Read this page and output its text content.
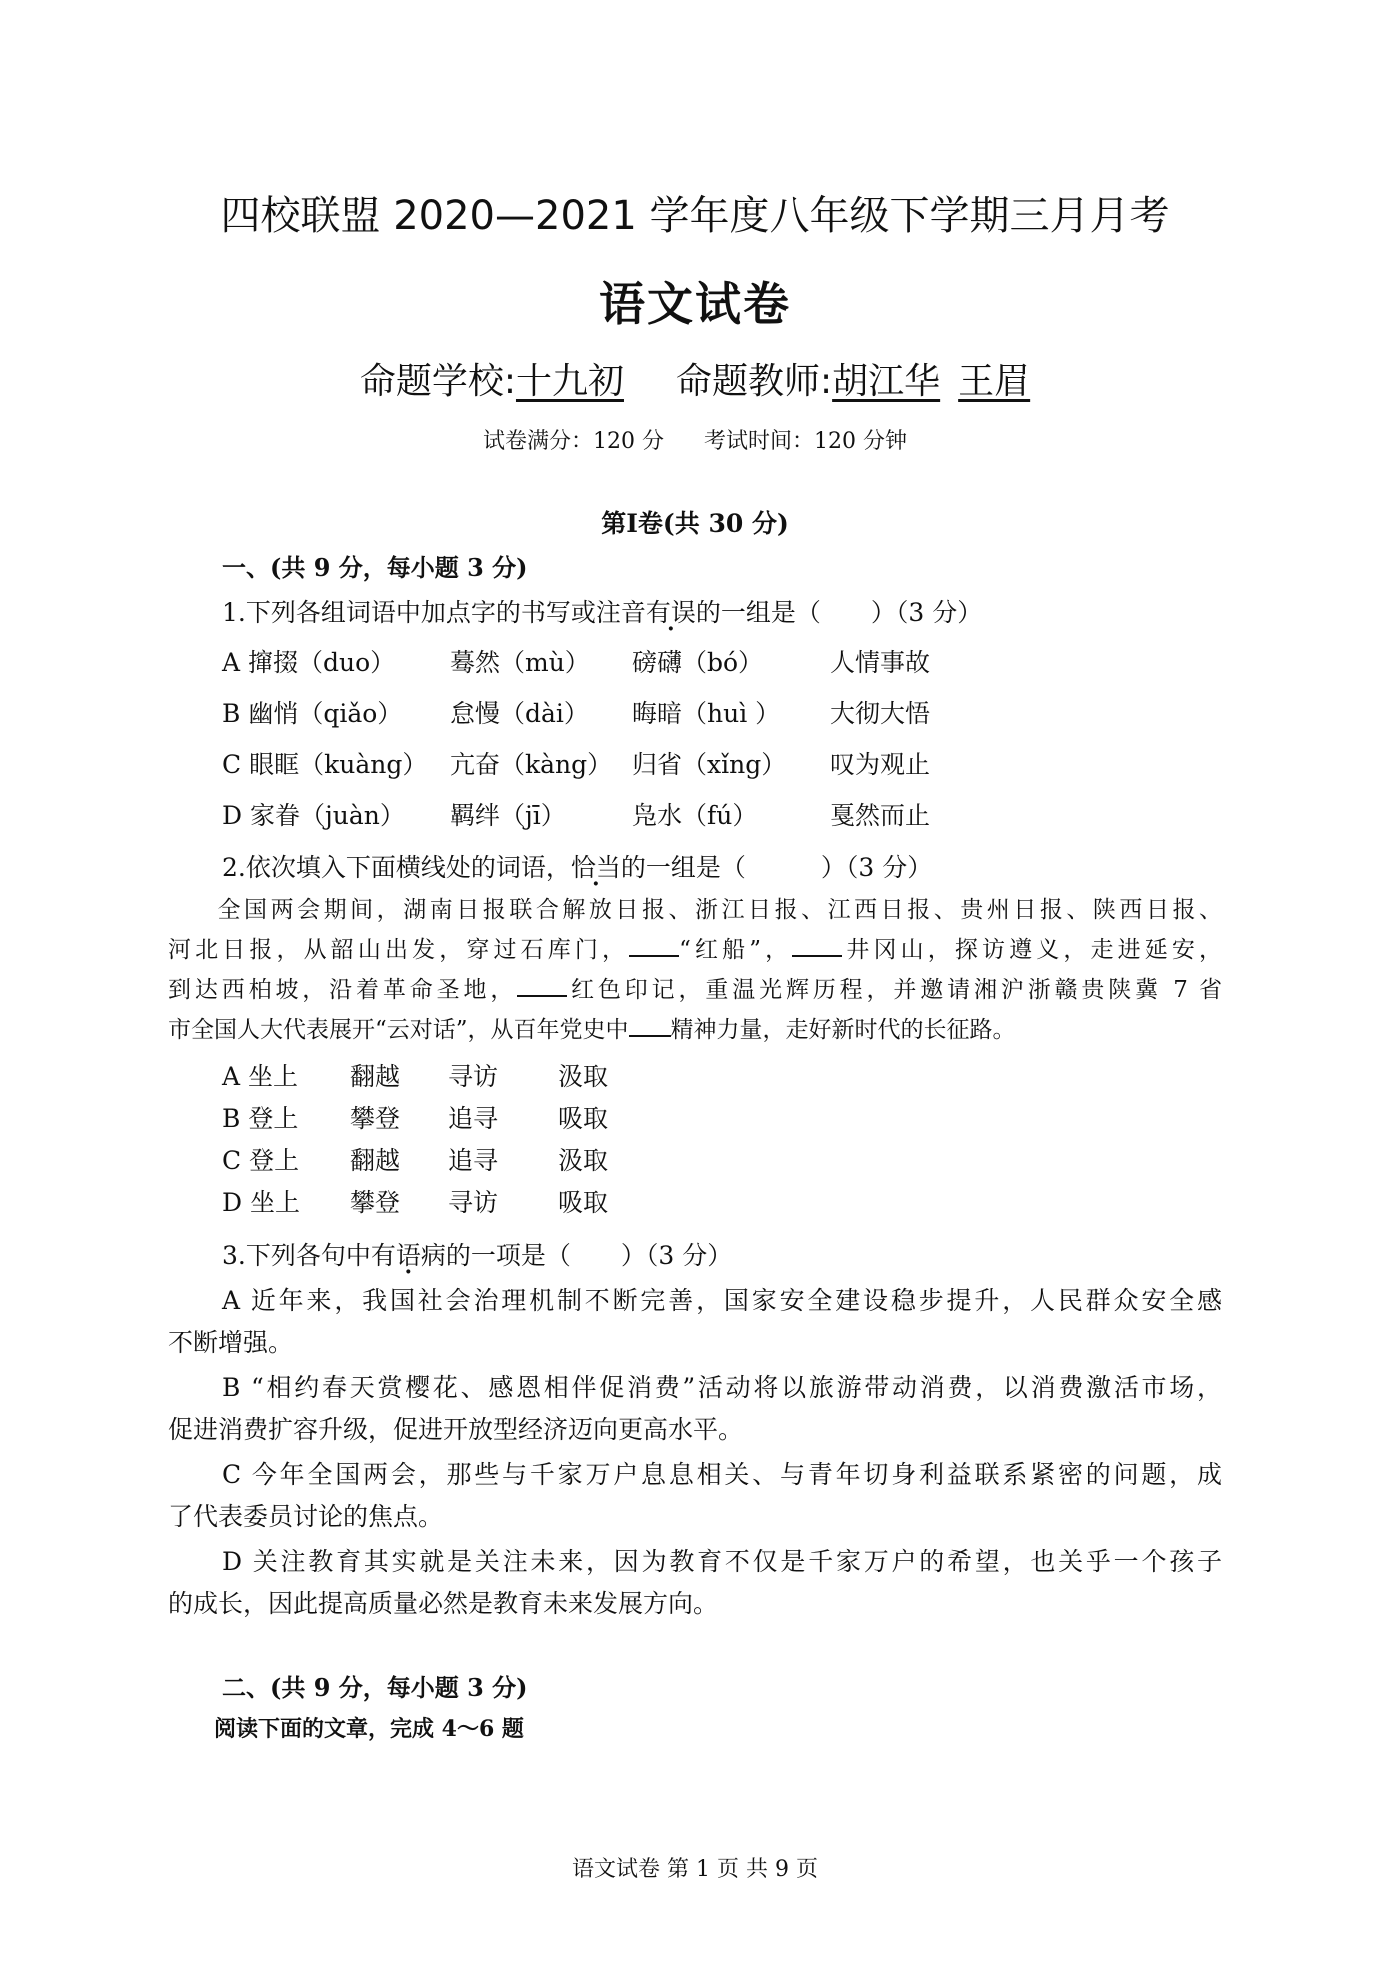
四校联盟 2020—2021 学年度八年级下学期三月月考
语文试卷
命题学校:十九初 命题教师:胡江华 王眉
试卷满分：120 分 考试时间：120 分钟
第Ⅰ卷(共 30 分)
一、(共 9 分，每小题 3 分)
1.下列各组词语中加点字的书写或注音有误的一组是（　　）（3 分）
A 撺掇（duo） 蓦然（mù） 磅礴（bó）	人情事故
B 幽悄（qiǎo） 怠慢（dài） 晦暗（huì ） 大彻大悟
C 眼眶（kuàng） 亢奋（kàng） 归省（xǐng） 叹为观止
D 家眷（juàn） 羁绊（jī）	凫水（fú）	戛然而止
2.依次填入下面横线处的词语，恰当的一组是（　　　）（3 分）
全国两会期间，湖南日报联合解放日报、浙江日报、江西日报、贵州日报、陕西日报、
河北日报，从韶山出发，穿过石库门， “红船”， 井冈山，探访遵义，走进延安，
到达西柏坡，沿着革命圣地， 红色印记，重温光辉历程，并邀请湘沪浙赣贵陕冀 7 省
市全国人大代表展开“云对话”，从百年党史中 精神力量，走好新时代的长征路。
A 坐上 翻越 寻访 汲取
B 登上 攀登 追寻 吸取
C 登上 翻越 追寻 汲取
D 坐上 攀登 寻访 吸取
3.下列各句中有语病的一项是（　　）（3 分）
A 近年来，我国社会治理机制不断完善，国家安全建设稳步提升，人民群众安全感
不断增强。
B “相约春天赏樱花、感恩相伴促消费”活动将以旅游带动消费，以消费激活市场，
促进消费扩容升级，促进开放型经济迈向更高水平。
C 今年全国两会，那些与千家万户息息相关、与青年切身利益联系紧密的问题，成
了代表委员讨论的焦点。
D 关注教育其实就是关注未来，因为教育不仅是千家万户的希望，也关乎一个孩子
的成长，因此提高质量必然是教育未来发展方向。
二、(共 9 分，每小题 3 分)
阅读下面的文章，完成 4～6 题
语文试卷 第 1 页 共 9 页
